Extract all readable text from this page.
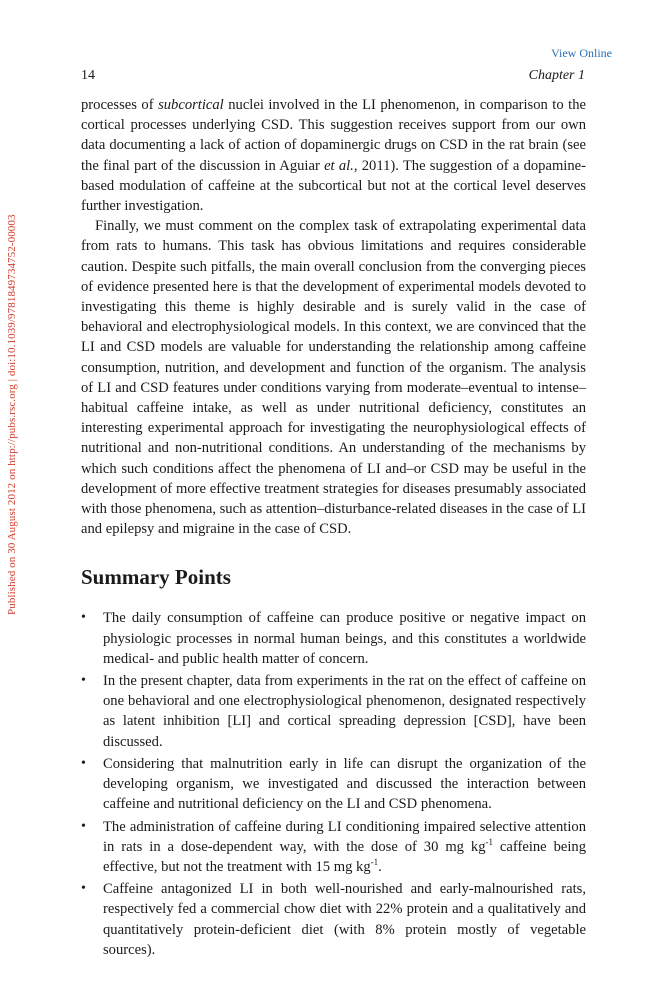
View Online
Published on 30 August 2012 on http://pubs.rsc.org | doi:10.1039/9781849734752-00003
14	Chapter 1

processes of subcortical nuclei involved in the LI phenomenon, in comparison to the cortical processes underlying CSD. This suggestion receives support from our own data documenting a lack of action of dopaminergic drugs on CSD in the rat brain (see the final part of the discussion in Aguiar et al., 2011). The suggestion of a dopamine-based modulation of caffeine at the subcortical but not at the cortical level deserves further investigation.

Finally, we must comment on the complex task of extrapolating experimental data from rats to humans. This task has obvious limitations and requires considerable caution. Despite such pitfalls, the main overall conclusion from the converging pieces of evidence presented here is that the development of experimental models devoted to investigating this theme is highly desirable and is surely valid in the case of behavioral and electrophysiological models. In this context, we are convinced that the LI and CSD models are valuable for understanding the relationship among caffeine consumption, nutrition, and development and function of the organism. The analysis of LI and CSD features under conditions varying from moderate–eventual to intense–habitual caffeine intake, as well as under nutritional deficiency, constitutes an interesting experimental approach for investigating the neurophysiological effects of nutritional and non-nutritional conditions. An understanding of the mechanisms by which such conditions affect the phenomena of LI and–or CSD may be useful in the development of more effective treatment strategies for diseases presumably associated with those phenomena, such as attention–disturbance-related diseases in the case of LI and epilepsy and migraine in the case of CSD.

Summary Points
• The daily consumption of caffeine can produce positive or negative impact on physiologic processes in normal human beings, and this constitutes a worldwide medical- and public health matter of concern.
• In the present chapter, data from experiments in the rat on the effect of caffeine on one behavioral and one electrophysiological phenomenon, designated respectively as latent inhibition [LI] and cortical spreading depression [CSD], have been discussed.
• Considering that malnutrition early in life can disrupt the organization of the developing organism, we investigated and discussed the interaction between caffeine and nutritional deficiency on the LI and CSD phenomena.
• The administration of caffeine during LI conditioning impaired selective attention in rats in a dose-dependent way, with the dose of 30 mg $kg^{-1}$ caffeine being effective, but not the treatment with 15 mg $kg^{-1}$.
• Caffeine antagonized LI in both well-nourished and early-malnourished rats, respectively fed a commercial chow diet with 22% protein and a qualitatively and quantitatively protein-deficient diet (with 8% protein mostly of vegetable sources).
